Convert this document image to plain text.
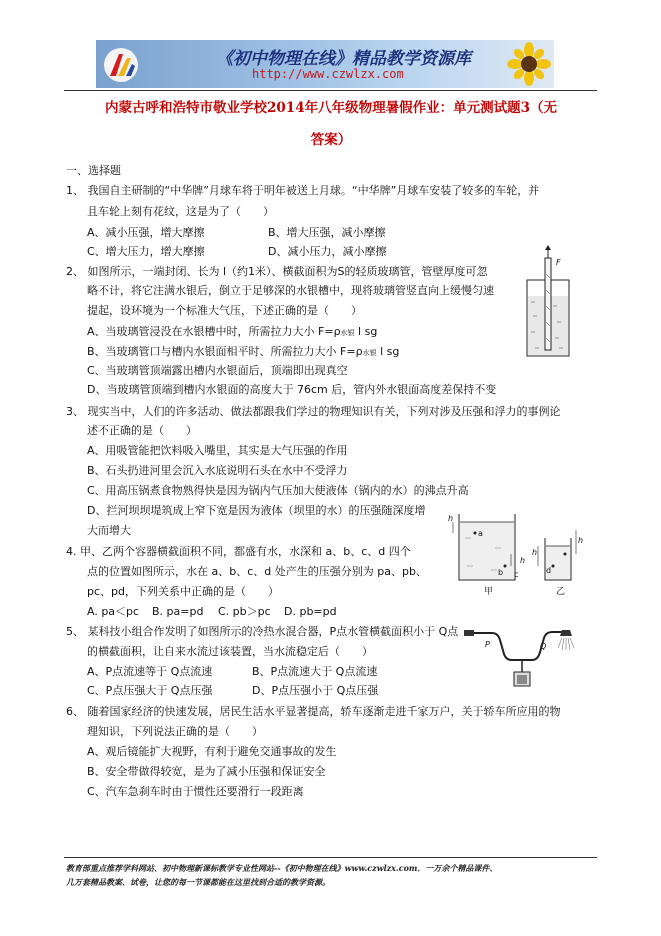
《初中物理在线》精品教学资源库
http://www.czwlzx.com
内蒙古呼和浩特市敬业学校2014年八年级物理暑假作业：单元测试题3（无
答案）
一、选择题
1、 我国自主研制的“中华牌”月球车将于明年被送上月球。“中华牌”月球车安装了较多的车轮，并
且车轮上刻有花纹，这是为了（　　）
A、减小压强，增大摩擦	B、增大压强，减小摩擦
C、增大压力，增大摩擦	D、减小压力，减小摩擦
2、 如图所示，一端封闭、长为 l（约1米）、横截面积为S的轻质玻璃管，管壁厚度可忽
略不计，将它注满水银后，倒立于足够深的水银槽中，现将玻璃管竖直向上缓慢匀速
提起，设环境为一个标准大气压，下述正确的是（　　）
A、当玻璃管浸没在水银槽中时，所需拉力大小 F=ρ水银 l sg
B、当玻璃管口与槽内水银面相平时、所需拉力大小 F=ρ水银 l sg
C、当玻璃管顶端露出槽内水银面后，顶端即出现真空
D、当玻璃管顶端到槽内水银面的高度大于 76cm 后，管内外水银面高度差保持不变
F
3、 现实当中，人们的许多活动、做法都跟我们学过的物理知识有关，下列对涉及压强和浮力的事例论
述不正确的是（　　）
A、用吸管能把饮料吸入嘴里，其实是大气压强的作用
B、石头扔进河里会沉入水底说明石头在水中不受浮力
C、用高压锅煮食物熟得快是因为锅内气压加大使液体（锅内的水）的沸点升高
D、拦河坝坝堤筑成上窄下宽是因为液体（坝里的水）的压强随深度增
大而增大
4. 甲、乙两个容器横截面积不同，都盛有水，水深和 a、b、c、d 四个
点的位置如图所示，水在 a、b、c、d 处产生的压强分别为 pa、pb、
pc、pd，下列关系中正确的是（　　）
A. pa＜pc B. pa=pd C. pb＞pc D. pb=pd
h
a
h
b c
h
d
h
甲	乙
5、 某科技小组合作发明了如图所示的冷热水混合器，P点水管横截面积小于 Q点
的横截面积，让自来水流过该装置，当水流稳定后（　　）
A、P点流速等于 Q点流速	B、P点流速大于 Q点流速
C、P点压强大于 Q点压强	D、P点压强小于 Q点压强
P	Q
6、 随着国家经济的快速发展，居民生活水平显著提高，轿车逐渐走进千家万户，关于轿车所应用的物
理知识，下列说法正确的是（　　）
A、观后镜能扩大视野，有利于避免交通事故的发生
B、安全带做得较宽，是为了减小压强和保证安全
C、汽车急刹车时由于惯性还要滑行一段距离
教育部重点推荐学科网站、初中物理新课标教学专业性网站--《初中物理在线》www.czwlzx.com．一万余个精品课件、
几万套精品教案、试卷，让您的每一节课都能在这里找到合适的教学资源。
